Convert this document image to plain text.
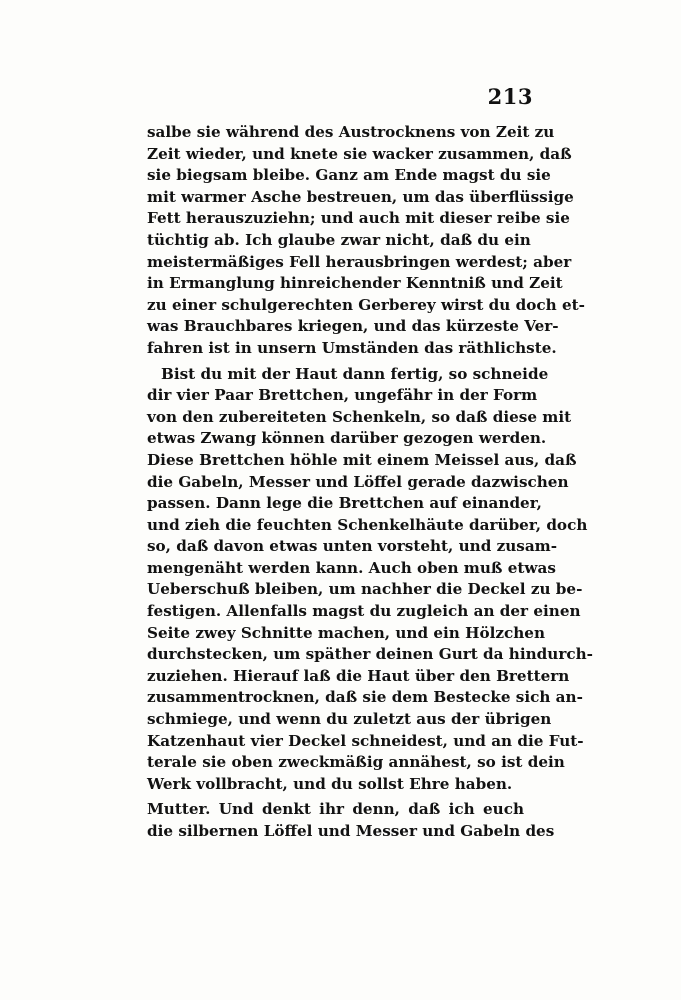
213
salbe sie während des Austrocknens von Zeit zu
Zeit wieder, und knete sie wacker zusammen, daß
sie biegsam bleibe. Ganz am Ende magst du sie
mit warmer Asche bestreuen, um das überflüssige
Fett herauszuziehn; und auch mit dieser reibe sie
tüchtig ab. Ich glaube zwar nicht, daß du ein
meistermäßiges Fell herausbringen werdest; aber
in Ermanglung hinreichender Kenntniß und Zeit
zu einer schulgerechten Gerberey wirst du doch et-
was Brauchbares kriegen, und das kürzeste Ver-
fahren ist in unsern Umständen das räthlichste.
Bist du mit der Haut dann fertig, so schneide
dir vier Paar Brettchen, ungefähr in der Form
von den zubereiteten Schenkeln, so daß diese mit
etwas Zwang können darüber gezogen werden.
Diese Brettchen höhle mit einem Meissel aus, daß
die Gabeln, Messer und Löffel gerade dazwischen
passen. Dann lege die Brettchen auf einander,
und zieh die feuchten Schenkelhäute darüber, doch
so, daß davon etwas unten vorsteht, und zusam-
mengenäht werden kann. Auch oben muß etwas
Ueberschuß bleiben, um nachher die Deckel zu be-
festigen. Allenfalls magst du zugleich an der einen
Seite zwey Schnitte machen, und ein Hölzchen
durchstecken, um späther deinen Gurt da hindurch-
zuziehen. Hierauf laß die Haut über den Brettern
zusammentrocknen, daß sie dem Bestecke sich an-
schmiege, und wenn du zuletzt aus der übrigen
Katzenhaut vier Deckel schneidest, und an die Fut-
terale sie oben zweckmäßig annähest, so ist dein
Werk vollbracht, und du sollst Ehre haben.
Mutter. Und denkt ihr denn, daß ich euch
die silbernen Löffel und Messer und Gabeln des
